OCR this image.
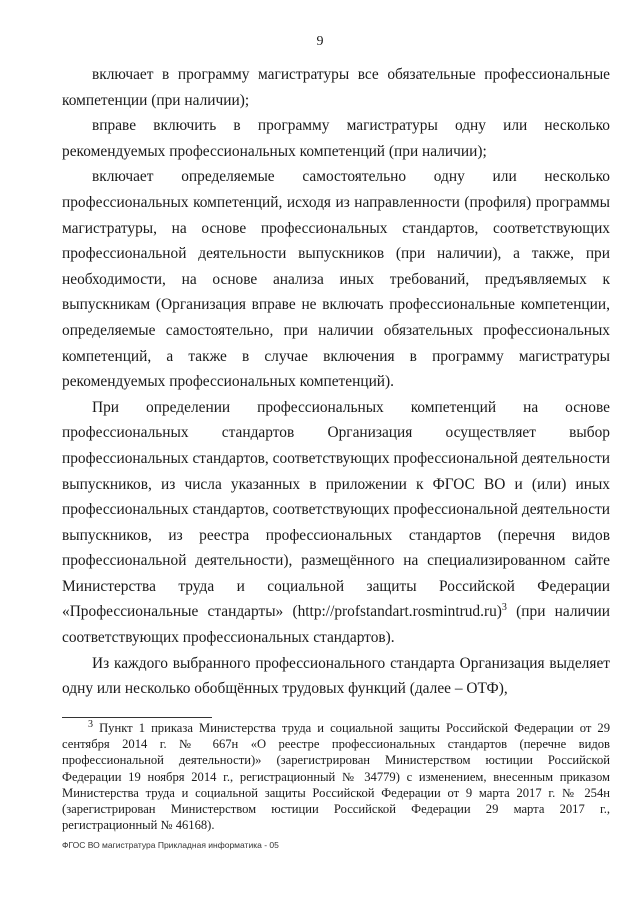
9

включает в программу магистратуры все обязательные профессиональные компетенции (при наличии);

вправе включить в программу магистратуры одну или несколько рекомендуемых профессиональных компетенций (при наличии);

включает определяемые самостоятельно одну или несколько профессиональных компетенций, исходя из направленности (профиля) программы магистратуры, на основе профессиональных стандартов, соответствующих профессиональной деятельности выпускников (при наличии), а также, при необходимости, на основе анализа иных требований, предъявляемых к выпускникам (Организация вправе не включать профессиональные компетенции, определяемые самостоятельно, при наличии обязательных профессиональных компетенций, а также в случае включения в программу магистратуры рекомендуемых профессиональных компетенций).

При определении профессиональных компетенций на основе профессиональных стандартов Организация осуществляет выбор профессиональных стандартов, соответствующих профессиональной деятельности выпускников, из числа указанных в приложении к ФГОС ВО и (или) иных профессиональных стандартов, соответствующих профессиональной деятельности выпускников, из реестра профессиональных стандартов (перечня видов профессиональной деятельности), размещённого на специализированном сайте Министерства труда и социальной защиты Российской Федерации «Профессиональные стандарты» (http://profstandart.rosmintrud.ru)$^3$ (при наличии соответствующих профессиональных стандартов).

Из каждого выбранного профессионального стандарта Организация выделяет одну или несколько обобщённых трудовых функций (далее – ОТФ),

$^3$ Пункт 1 приказа Министерства труда и социальной защиты Российской Федерации от 29 сентября 2014 г. № 667н «О реестре профессиональных стандартов (перечне видов профессиональной деятельности)» (зарегистрирован Министерством юстиции Российской Федерации 19 ноября 2014 г., регистрационный № 34779) с изменением, внесенным приказом Министерства труда и социальной защиты Российской Федерации от 9 марта 2017 г. № 254н (зарегистрирован Министерством юстиции Российской Федерации 29 марта 2017 г., регистрационный № 46168).

ФГОС ВО магистратура Прикладная информатика - 05
